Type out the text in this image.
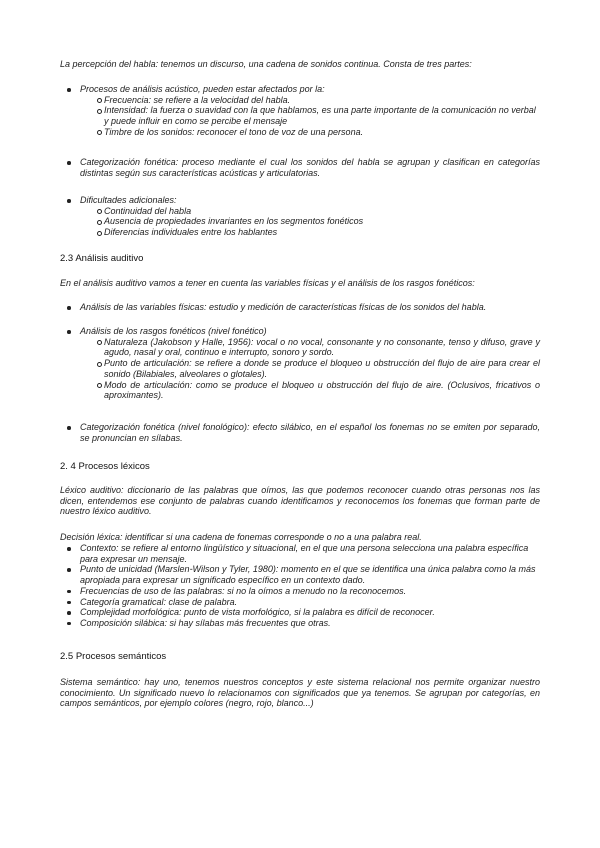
La percepción del habla: tenemos un discurso, una cadena de sonidos continua. Consta de tres partes:

Procesos de análisis acústico, pueden estar afectados por la:
Frecuencia: se refiere a la velocidad del habla.
Intensidad: la fuerza o suavidad con la que hablamos, es una parte importante de la comunicación no verbal y puede influir en como se percibe el mensaje
Timbre de los sonidos: reconocer el tono de voz de una persona.
Categorización fonética: proceso mediante el cual los sonidos del habla se agrupan y clasifican en categorías distintas según sus características acústicas y articulatorias.
Dificultades adicionales:
Continuidad del habla
Ausencia de propiedades invariantes en los segmentos fonéticos
Diferencias individuales entre los hablantes
2.3 Análisis auditivo

En el análisis auditivo vamos a tener en cuenta las variables físicas y el análisis de los rasgos fonéticos:

Análisis de las variables físicas: estudio y medición de características físicas de los sonidos del habla.
Análisis de los rasgos fonéticos (nivel fonético)
Naturaleza (Jakobson y Halle, 1956): vocal o no vocal, consonante y no consonante, tenso y difuso, grave y agudo, nasal y oral, continuo e interrupto, sonoro y sordo.
Punto de articulación: se refiere a donde se produce el bloqueo u obstrucción del flujo de aire para crear el sonido (Bilabiales, alveolares o glotales).
Modo de articulación: como se produce el bloqueo u obstrucción del flujo de aire. (Oclusivos, fricativos o aproximantes).
Categorización fonética (nivel fonológico): efecto silábico, en el español los fonemas no se emiten por separado, se pronuncian en sílabas.
2. 4 Procesos léxicos

Léxico auditivo: diccionario de las palabras que oímos, las que podemos reconocer cuando otras personas nos las dicen, entendemos ese conjunto de palabras cuando identificamos y reconocemos los fonemas que forman parte de nuestro léxico auditivo.

Decisión léxica: identificar si una cadena de fonemas corresponde o no a una palabra real.

Contexto: se refiere al entorno lingüístico y situacional, en el que una persona selecciona una palabra específica para expresar un mensaje.
Punto de unicidad (Marslen-Wilson y Tyler, 1980): momento en el que se identifica una única palabra como la más apropiada para expresar un significado específico en un contexto dado.
Frecuencias de uso de las palabras: si no la oímos a menudo no la reconocemos.
Categoría gramatical: clase de palabra.
Complejidad morfológica: punto de vista morfológico, si la palabra es difícil de reconocer.
Composición silábica: si hay sílabas más frecuentes que otras.
2.5 Procesos semánticos

Sistema semántico: hay uno, tenemos nuestros conceptos y este sistema relacional nos permite organizar nuestro conocimiento. Un significado nuevo lo relacionamos con significados que ya tenemos. Se agrupan por categorías, en campos semánticos, por ejemplo colores (negro, rojo, blanco...)
